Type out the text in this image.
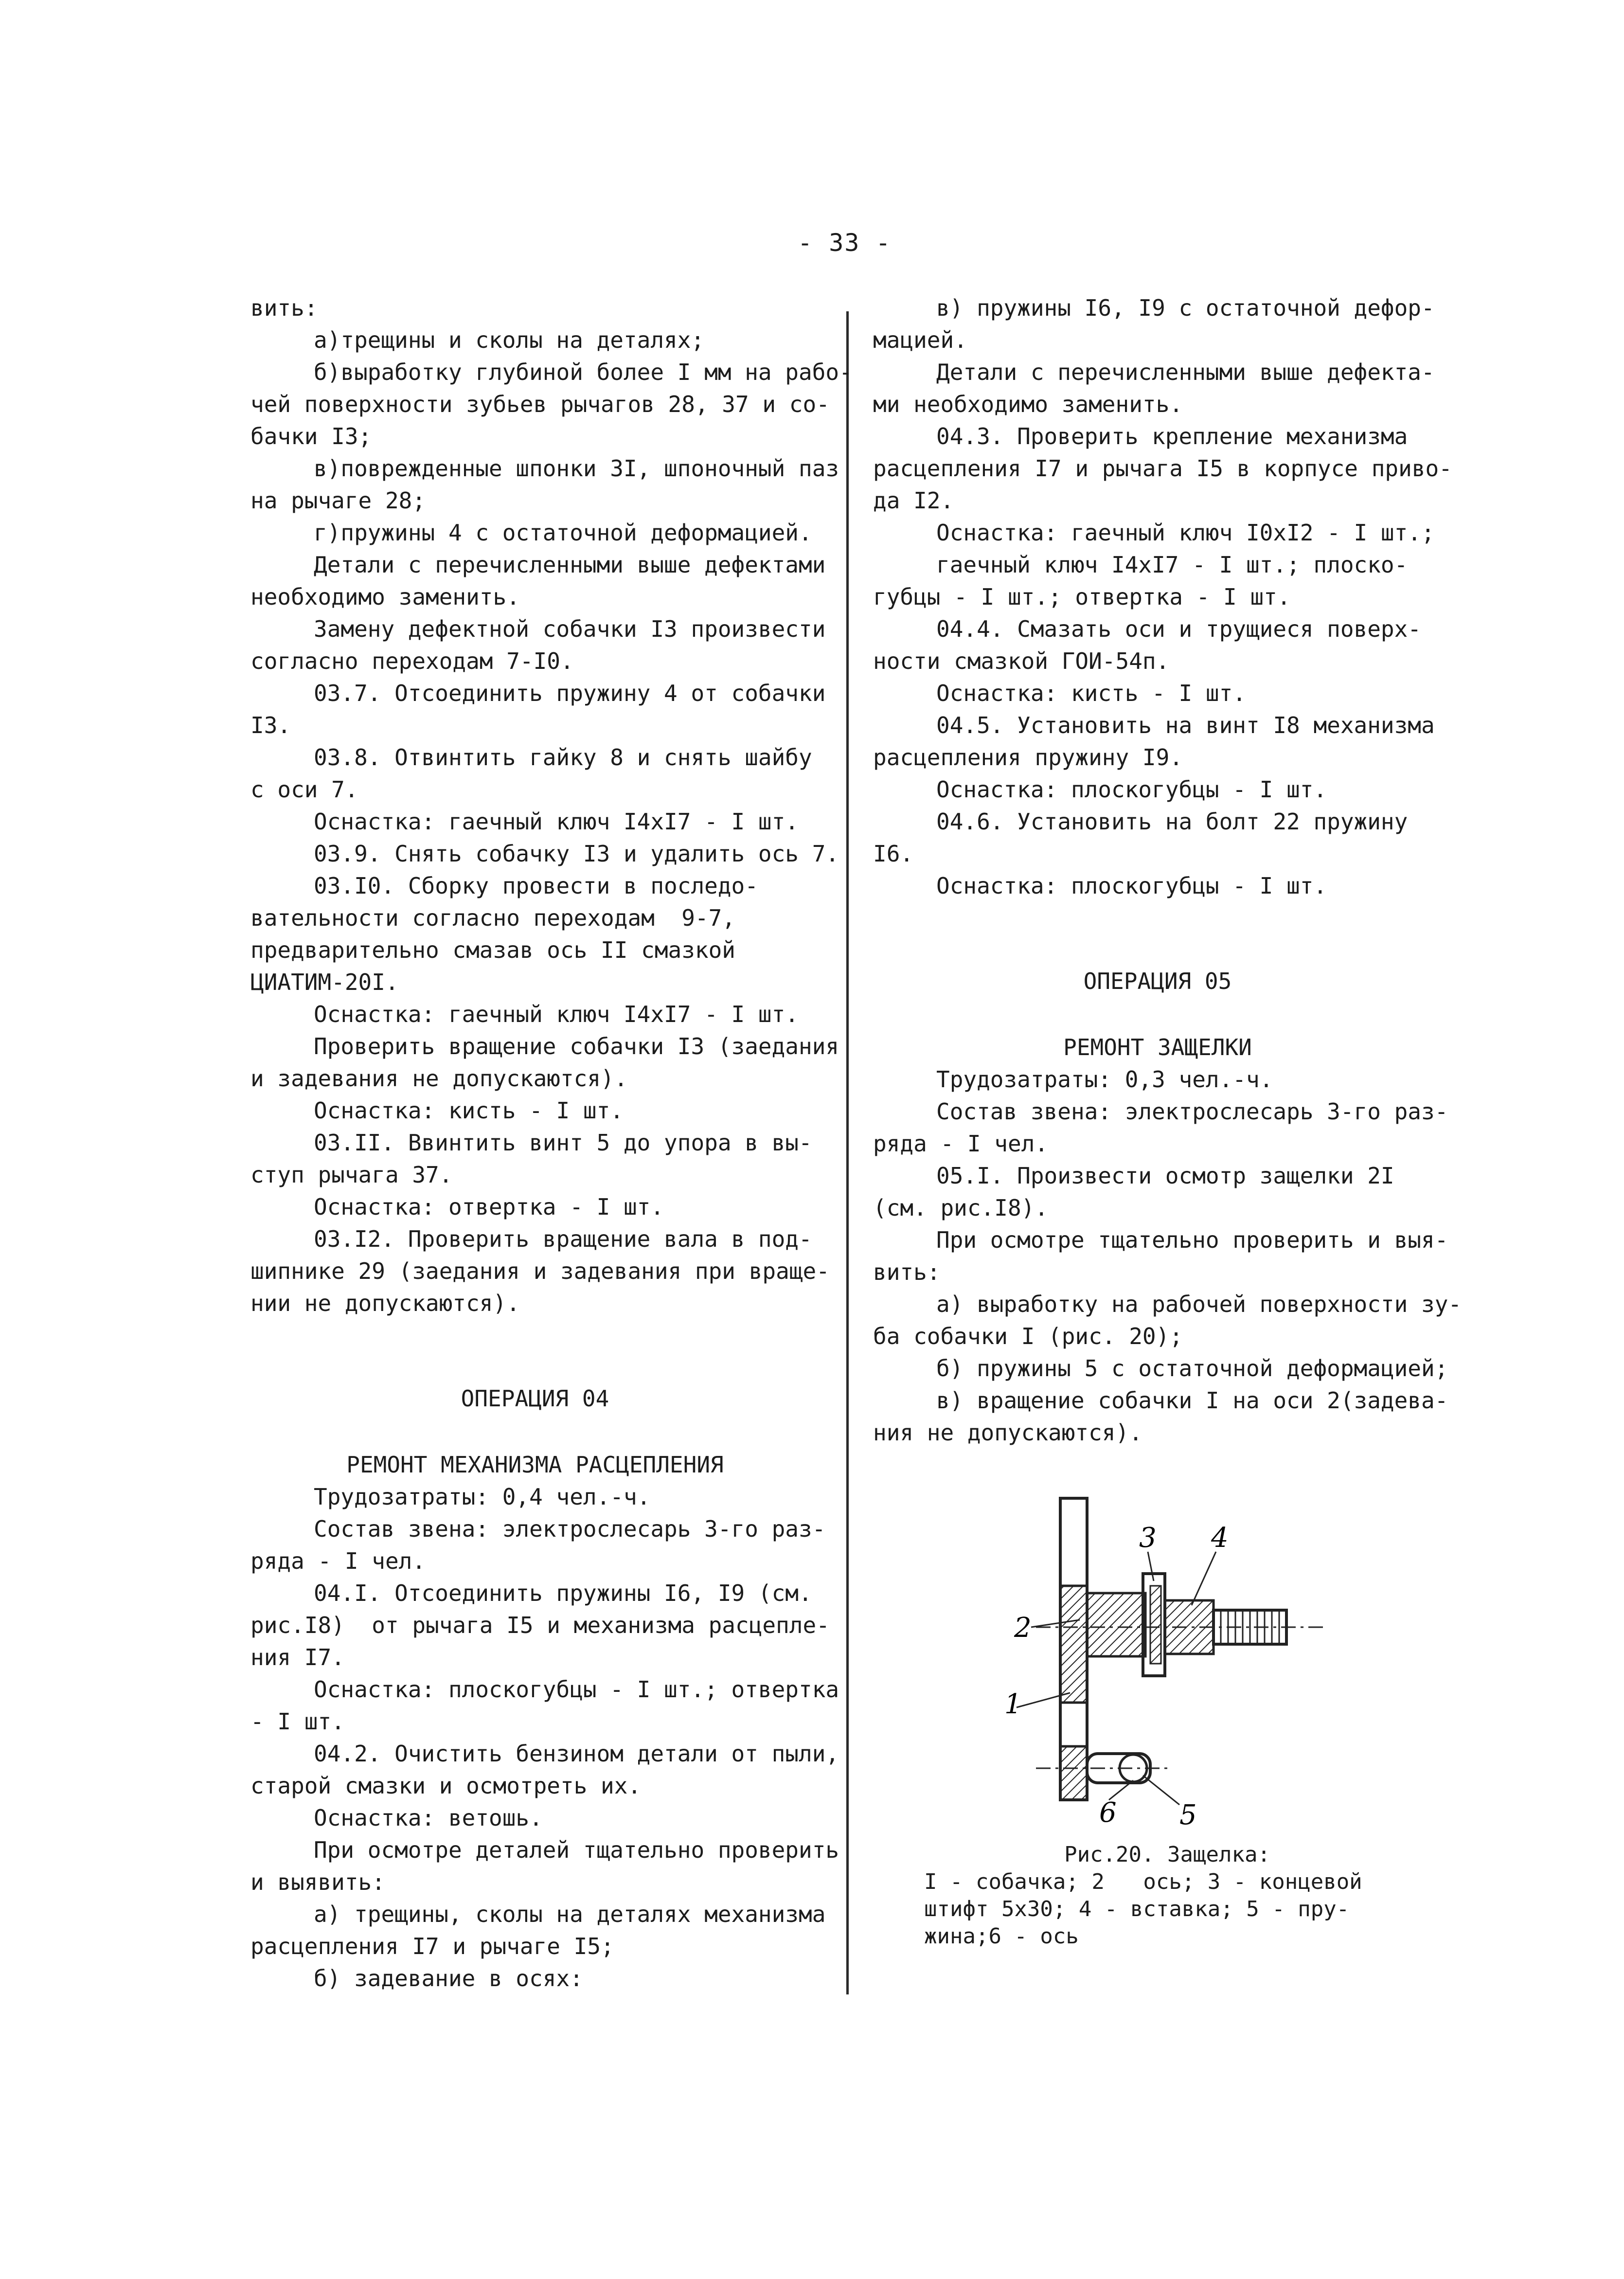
- 33 -

вить:

а)трещины и сколы на деталях;

б)выработку глубиной более I мм на рабо-

чей поверхности зубьев рычагов 28, 37 и со-

бачки I3;

в)поврежденные шпонки 3I, шпоночный паз

на рычаге 28;

г)пружины 4 с остаточной деформацией.

Детали с перечисленными выше дефектами

необходимо заменить.

Замену дефектной собачки I3 произвести

согласно переходам 7-I0.

03.7. Отсоединить пружину 4 от собачки

I3.

03.8. Отвинтить гайку 8 и снять шайбу

с оси 7.

Оснастка: гаечный ключ I4xI7 - I шт.

03.9. Снять собачку I3 и удалить ось 7.

03.I0. Сборку провести в последо-

вательности согласно переходам  9-7,

предварительно смазав ось II смазкой

ЦИАТИМ-20I.

Оснастка: гаечный ключ I4xI7 - I шт.

Проверить вращение собачки I3 (заедания

и задевания не допускаются).

Оснастка: кисть - I шт.

03.II. Ввинтить винт 5 до упора в вы-

ступ рычага 37.

Оснастка: отвертка - I шт.

03.I2. Проверить вращение вала в под-

шипнике 29 (заедания и задевания при враще-

нии не допускаются).

ОПЕРАЦИЯ 04

РЕМОНТ МЕХАНИЗМА РАСЦЕПЛЕНИЯ

Трудозатраты: 0,4 чел.-ч.

Состав звена: электрослесарь 3-го раз-

ряда - I чел.

04.I. Отсоединить пружины I6, I9 (см.

рис.I8)  от рычага I5 и механизма расцепле-

ния I7.

Оснастка: плоскогубцы - I шт.; отвертка

- I шт.

04.2. Очистить бензином детали от пыли,

старой смазки и осмотреть их.

Оснастка: ветошь.

При осмотре деталей тщательно проверить

и выявить:

а) трещины, сколы на деталях механизма

расцепления I7 и рычаге I5;

б) задевание в осях:

в) пружины I6, I9 с остаточной дефор-

мацией.

Детали с перечисленными выше дефекта-

ми необходимо заменить.

04.3. Проверить крепление механизма

расцепления I7 и рычага I5 в корпусе приво-

да I2.

Оснастка: гаечный ключ I0xI2 - I шт.;

гаечный ключ I4xI7 - I шт.; плоско-

губцы - I шт.; отвертка - I шт.

04.4. Смазать оси и трущиеся поверх-

ности смазкой ГОИ-54п.

Оснастка: кисть - I шт.

04.5. Установить на винт I8 механизма

расцепления пружину I9.

Оснастка: плоскогубцы - I шт.

04.6. Установить на болт 22 пружину

I6.

Оснастка: плоскогубцы - I шт.

ОПЕРАЦИЯ 05

РЕМОНТ ЗАЩЕЛКИ

Трудозатраты: 0,3 чел.-ч.

Состав звена: электрослесарь 3-го раз-

ряда - I чел.

05.I. Произвести осмотр защелки 2I

(см. рис.I8).

При осмотре тщательно проверить и выя-

вить:

а) выработку на рабочей поверхности зу-

ба собачки I (рис. 20);

б) пружины 5 с остаточной деформацией;

в) вращение собачки I на оси 2(задева-

ния не допускаются).

1
2
3 4
5
6

Рис.20. Защелка:

I - собачка; 2   ось; 3 - концевой

штифт 5x30; 4 - вставка; 5 - пру-

жина;6 - ось
